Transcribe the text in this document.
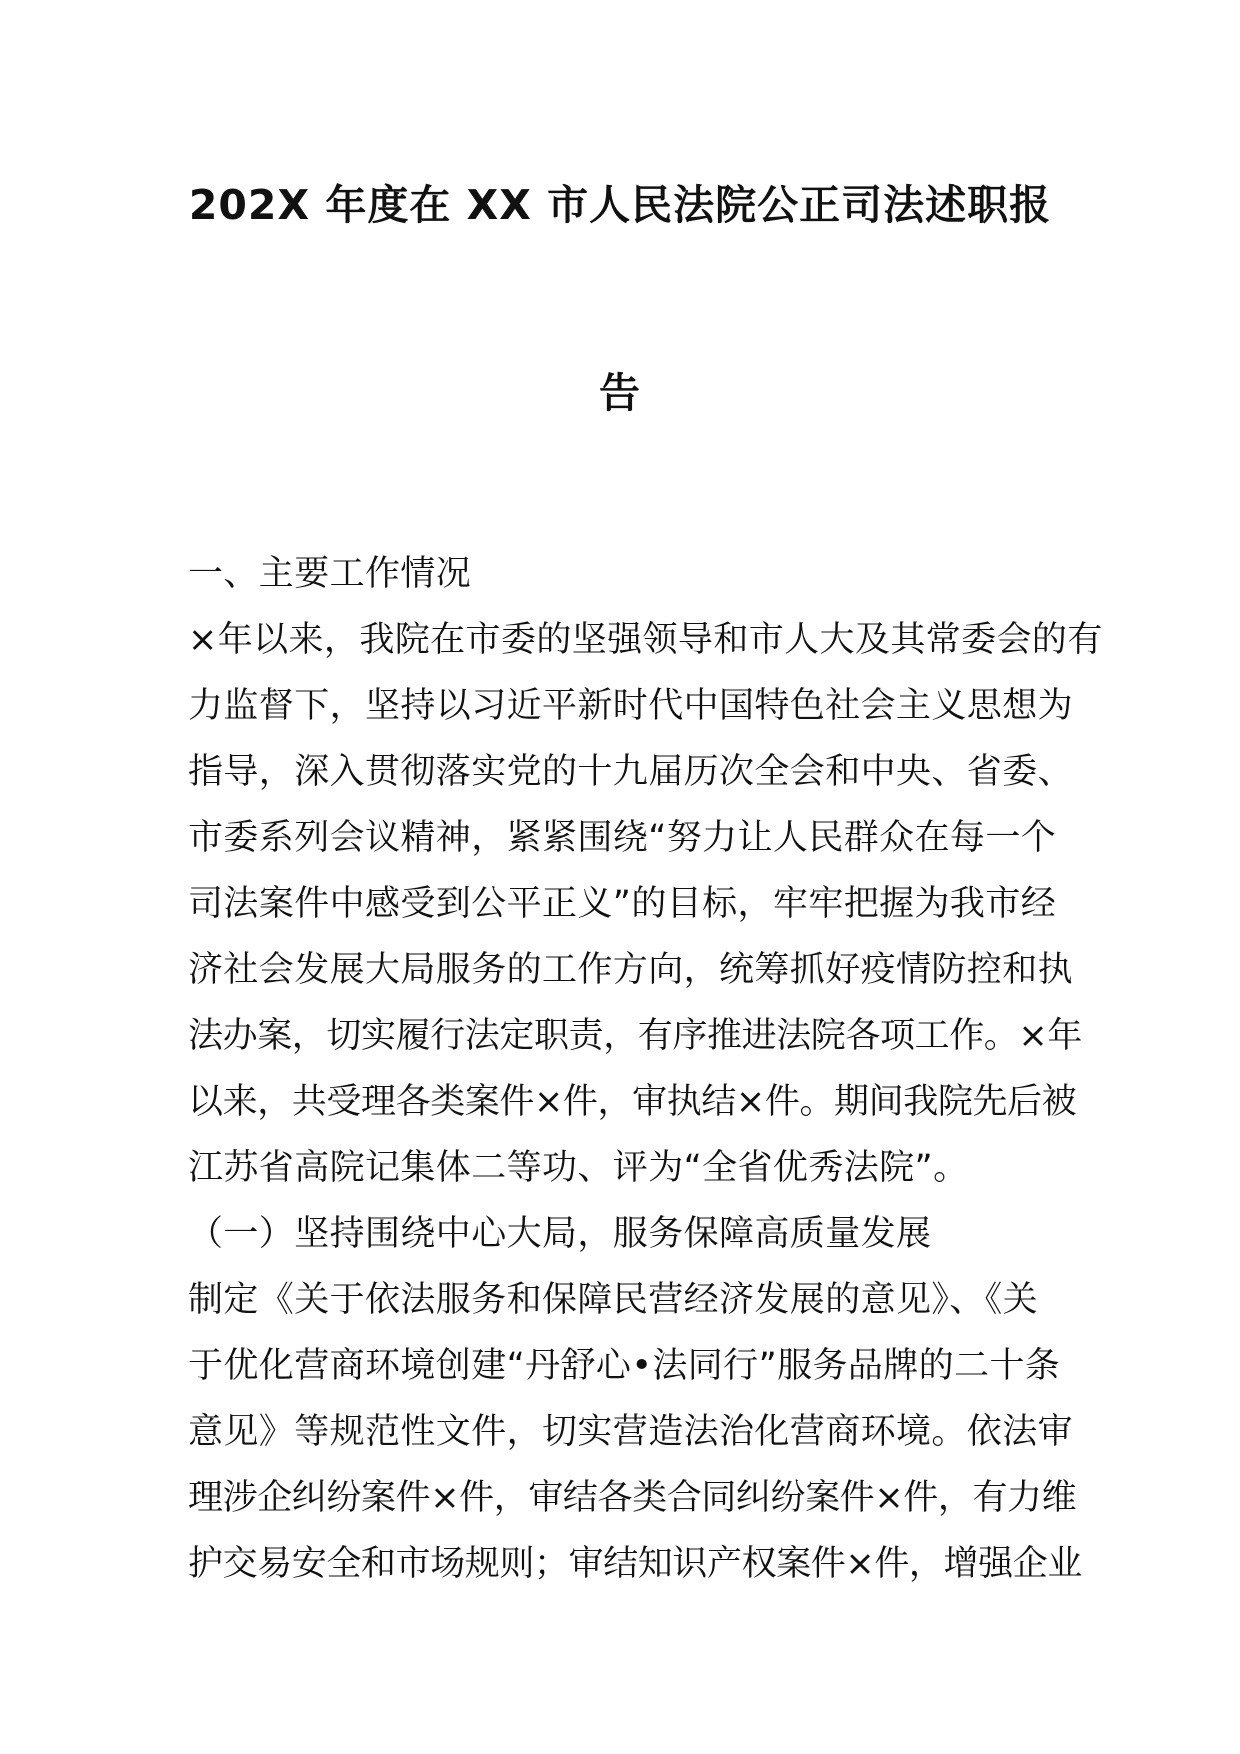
202X 年度在 XX 市人民法院公正司法述职报
告
一、主要工作情况
×年以来，我院在市委的坚强领导和市人大及其常委会的有
力监督下，坚持以习近平新时代中国特色社会主义思想为
指导，深入贯彻落实党的十九届历次全会和中央、省委、
市委系列会议精神，紧紧围绕“努力让人民群众在每一个
司法案件中感受到公平正义”的目标，牢牢把握为我市经
济社会发展大局服务的工作方向，统筹抓好疫情防控和执
法办案，切实履行法定职责，有序推进法院各项工作。×年
以来，共受理各类案件×件，审执结×件。期间我院先后被
江苏省高院记集体二等功、评为“全省优秀法院”。
（一）坚持围绕中心大局，服务保障高质量发展
制定《关于依法服务和保障民营经济发展的意见》、《关
于优化营商环境创建“丹舒心•法同行”服务品牌的二十条
意见》等规范性文件，切实营造法治化营商环境。依法审
理涉企纠纷案件×件，审结各类合同纠纷案件×件，有力维
护交易安全和市场规则；审结知识产权案件×件，增强企业
